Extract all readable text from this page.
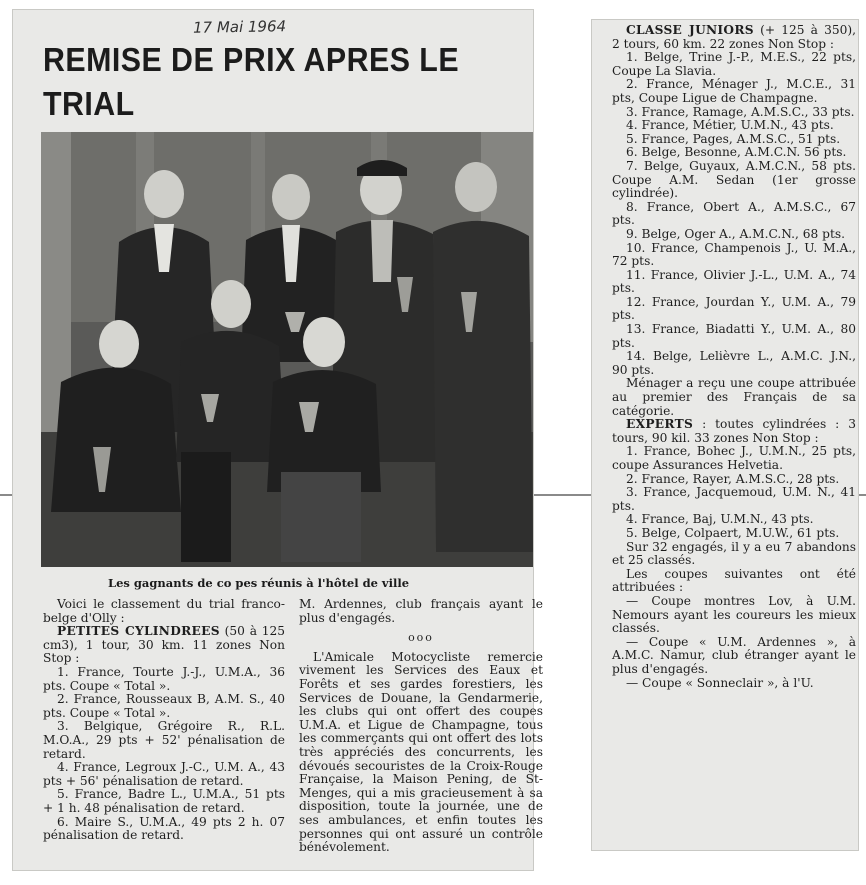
17 Mai 1964
REMISE DE PRIX APRES LE TRIAL
Les gagnants de co pes réunis à l'hôtel de ville

Voici le classement du trial franco-belge d'Olly :

PETITES CYLINDREES (50 à 125 cm3), 1 tour, 30 km. 11 zones Non Stop :

1. France, Tourte J.-J., U.M.A., 36 pts. Coupe « Total ».

2. France, Rousseaux B, A.M. S., 40 pts. Coupe « Total ».

3. Belgique, Grégoire R., R.L. M.O.A., 29 pts + 52' pénalisation de retard.

4. France, Legroux J.-C., U.M. A., 43 pts + 56' pénalisation de retard.

5. France, Badre L., U.M.A., 51 pts + 1 h. 48 pénalisation de retard.

6. Maire S., U.M.A., 49 pts 2 h. 07 pénalisation de retard.

M. Ardennes, club français ayant le plus d'engagés.

ooo

L'Amicale Motocycliste remercie vivement les Services des Eaux et Forêts et ses gardes forestiers, les Services de Douane, la Gendarmerie, les clubs qui ont offert des coupes U.M.A. et Ligue de Champagne, tous les commerçants qui ont offert des lots très appréciés des concurrents, les dévoués secouristes de la Croix-Rouge Française, la Maison Pening, de St-Menges, qui a mis gracieusement à sa disposition, toute la journée, une de ses ambulances, et enfin toutes les personnes qui ont assuré un contrôle bénévolement.

CLASSE JUNIORS (+ 125 à 350), 2 tours, 60 km. 22 zones Non Stop :

1. Belge, Trine J.-P., M.E.S., 22 pts, Coupe La Slavia.

2. France, Ménager J., M.C.E., 31 pts, Coupe Ligue de Champagne.

3. France, Ramage, A.M.S.C., 33 pts.

4. France, Métier, U.M.N., 43 pts.

5. France, Pages, A.M.S.C., 51 pts.

6. Belge, Besonne, A.M.C.N. 56 pts.

7. Belge, Guyaux, A.M.C.N., 58 pts. Coupe A.M. Sedan (1er grosse cylindrée).

8. France, Obert A., A.M.S.C., 67 pts.

9. Belge, Oger A., A.M.C.N., 68 pts.

10. France, Champenois J., U. M.A., 72 pts.

11. France, Olivier J.-L., U.M. A., 74 pts.

12. France, Jourdan Y., U.M. A., 79 pts.

13. France, Biadatti Y., U.M. A., 80 pts.

14. Belge, Lelièvre L., A.M.C. J.N., 90 pts.

Ménager a reçu une coupe attribuée au premier des Français de sa catégorie.

EXPERTS : toutes cylindrées : 3 tours, 90 kil. 33 zones Non Stop :

1. France, Bohec J., U.M.N., 25 pts, coupe Assurances Helvetia.

2. France, Rayer, A.M.S.C., 28 pts.

3. France, Jacquemoud, U.M. N., 41 pts.

4. France, Baj, U.M.N., 43 pts.

5. Belge, Colpaert, M.U.W., 61 pts.

Sur 32 engagés, il y a eu 7 abandons et 25 classés.

Les coupes suivantes ont été attribuées :

— Coupe montres Lov, à U.M. Nemours ayant les coureurs les mieux classés.

— Coupe « U.M. Ardennes », à A.M.C. Namur, club étranger ayant le plus d'engagés.

— Coupe « Sonneclair », à l'U.
